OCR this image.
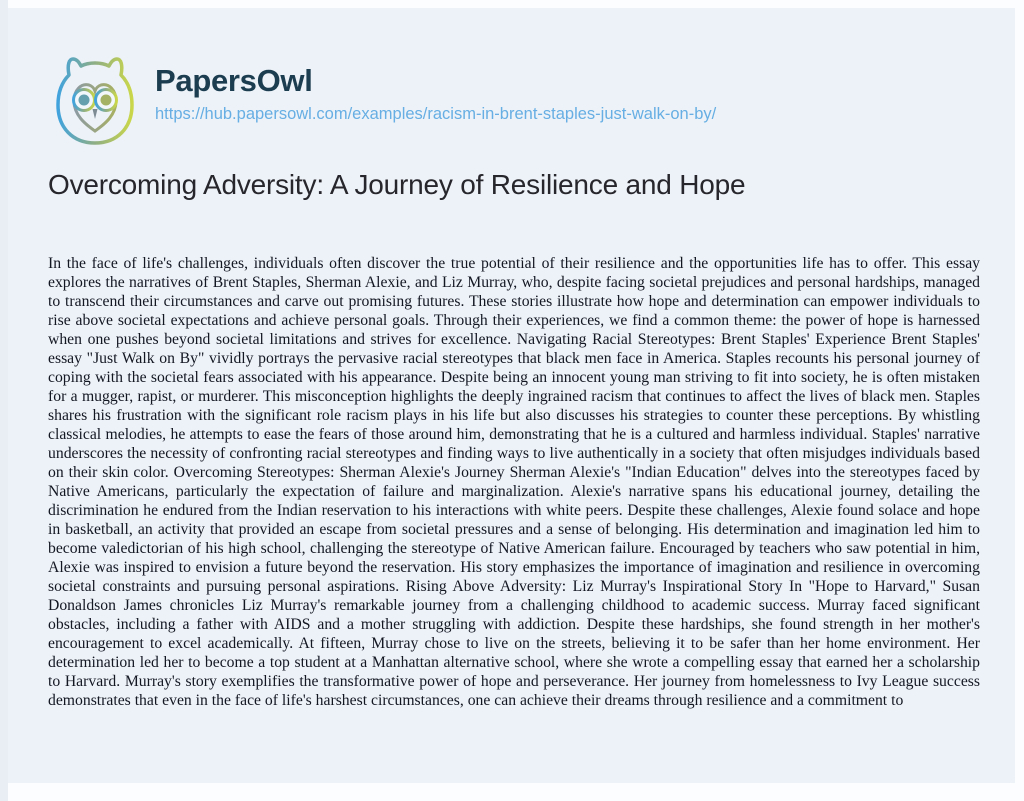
PapersOwl
https://hub.papersowl.com/examples/racism-in-brent-staples-just-walk-on-by/
Overcoming Adversity: A Journey of Resilience and Hope
In the face of life's challenges, individuals often discover the true potential of their resilience and the opportunities life has to offer. This essay explores the narratives of Brent Staples, Sherman Alexie, and Liz Murray, who, despite facing societal prejudices and personal hardships, managed to transcend their circumstances and carve out promising futures. These stories illustrate how hope and determination can empower individuals to rise above societal expectations and achieve personal goals. Through their experiences, we find a common theme: the power of hope is harnessed when one pushes beyond societal limitations and strives for excellence. Navigating Racial Stereotypes: Brent Staples' Experience Brent Staples' essay "Just Walk on By" vividly portrays the pervasive racial stereotypes that black men face in America. Staples recounts his personal journey of coping with the societal fears associated with his appearance. Despite being an innocent young man striving to fit into society, he is often mistaken for a mugger, rapist, or murderer. This misconception highlights the deeply ingrained racism that continues to affect the lives of black men. Staples shares his frustration with the significant role racism plays in his life but also discusses his strategies to counter these perceptions. By whistling classical melodies, he attempts to ease the fears of those around him, demonstrating that he is a cultured and harmless individual. Staples' narrative underscores the necessity of confronting racial stereotypes and finding ways to live authentically in a society that often misjudges individuals based on their skin color. Overcoming Stereotypes: Sherman Alexie's Journey Sherman Alexie's "Indian Education" delves into the stereotypes faced by Native Americans, particularly the expectation of failure and marginalization. Alexie's narrative spans his educational journey, detailing the discrimination he endured from the Indian reservation to his interactions with white peers. Despite these challenges, Alexie found solace and hope in basketball, an activity that provided an escape from societal pressures and a sense of belonging. His determination and imagination led him to become valedictorian of his high school, challenging the stereotype of Native American failure. Encouraged by teachers who saw potential in him, Alexie was inspired to envision a future beyond the reservation. His story emphasizes the importance of imagination and resilience in overcoming societal constraints and pursuing personal aspirations. Rising Above Adversity: Liz Murray's Inspirational Story In "Hope to Harvard," Susan Donaldson James chronicles Liz Murray's remarkable journey from a challenging childhood to academic success. Murray faced significant obstacles, including a father with AIDS and a mother struggling with addiction. Despite these hardships, she found strength in her mother's encouragement to excel academically. At fifteen, Murray chose to live on the streets, believing it to be safer than her home environment. Her determination led her to become a top student at a Manhattan alternative school, where she wrote a compelling essay that earned her a scholarship to Harvard. Murray's story exemplifies the transformative power of hope and perseverance. Her journey from homelessness to Ivy League success demonstrates that even in the face of life's harshest circumstances, one can achieve their dreams through resilience and a commitment to
